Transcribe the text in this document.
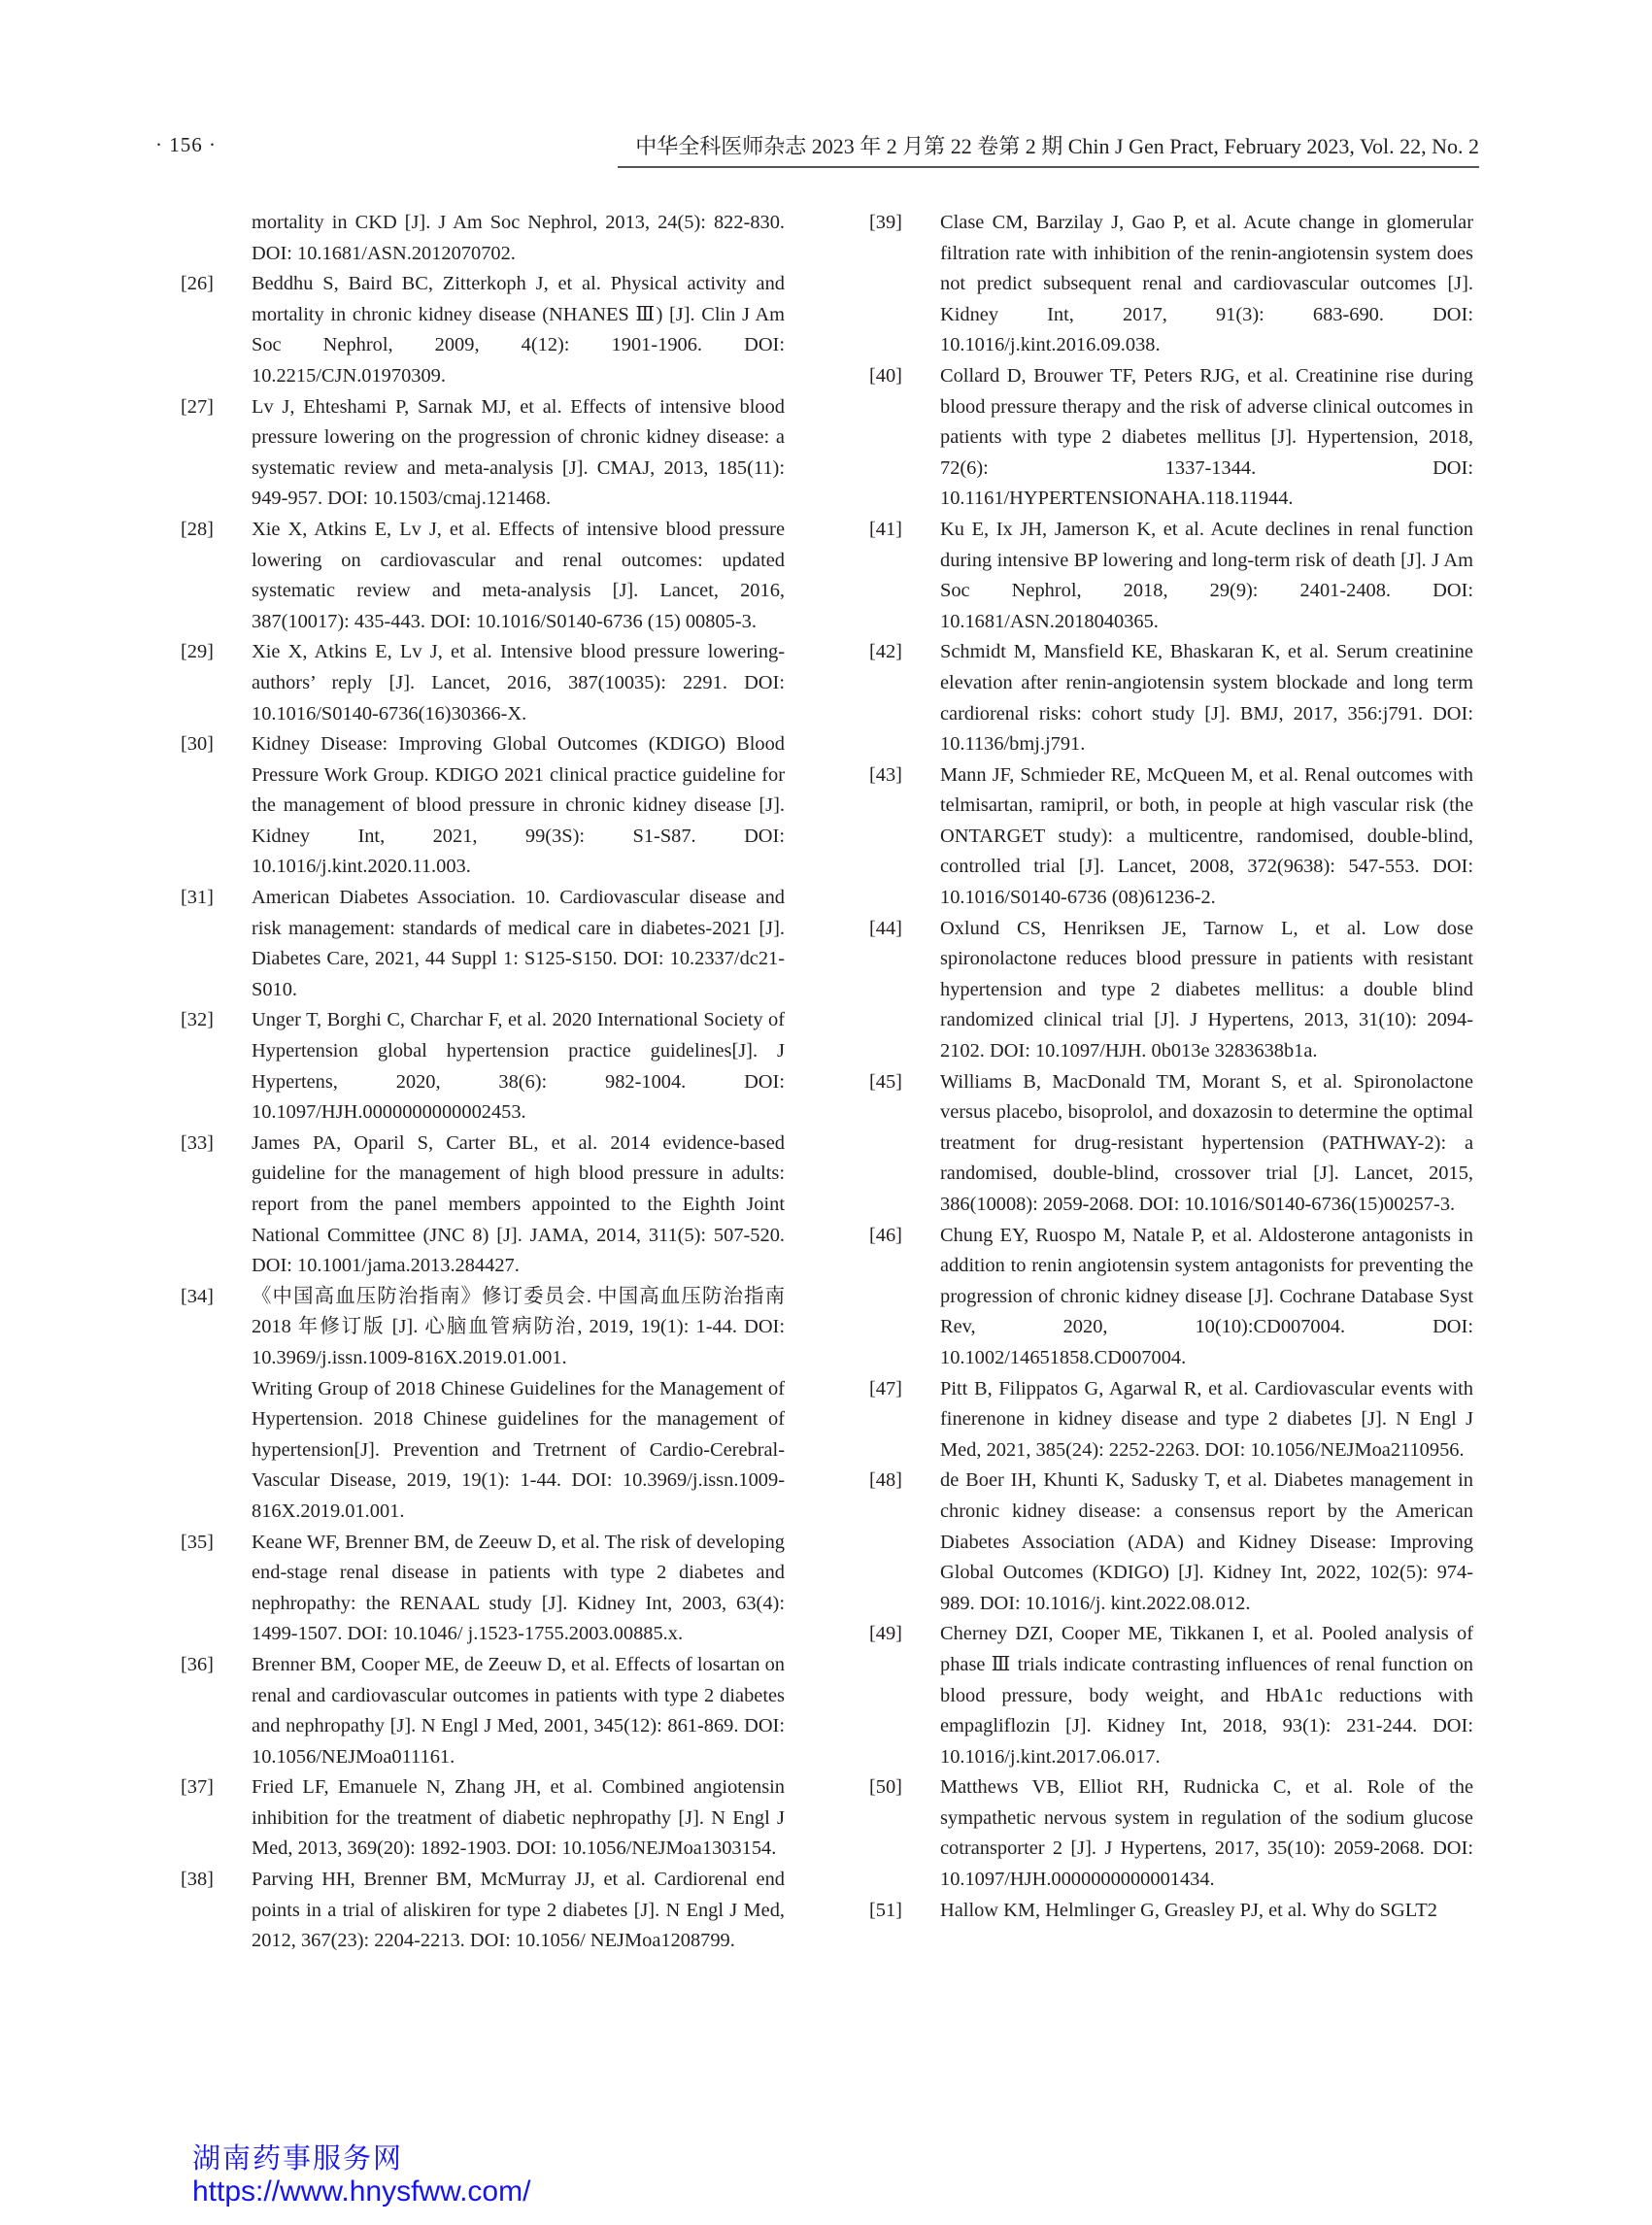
· 156 ·	中华全科医师杂志 2023 年 2 月第 22 卷第 2 期 Chin J Gen Pract, February 2023, Vol. 22, No. 2
mortality in CKD [J]. J Am Soc Nephrol, 2013, 24(5): 822-830. DOI: 10.1681/ASN.2012070702.
[26]	Beddhu S, Baird BC, Zitterkoph J, et al. Physical activity and mortality in chronic kidney disease (NHANES Ⅲ) [J]. Clin J Am Soc Nephrol, 2009, 4(12): 1901-1906. DOI: 10.2215/CJN.01970309.
[27]	Lv J, Ehteshami P, Sarnak MJ, et al. Effects of intensive blood pressure lowering on the progression of chronic kidney disease: a systematic review and meta-analysis [J]. CMAJ, 2013, 185(11): 949-957. DOI: 10.1503/cmaj.121468.
[28]	Xie X, Atkins E, Lv J, et al. Effects of intensive blood pressure lowering on cardiovascular and renal outcomes: updated systematic review and meta-analysis [J]. Lancet, 2016, 387(10017): 435-443. DOI: 10.1016/S0140-6736 (15) 00805-3.
[29]	Xie X, Atkins E, Lv J, et al. Intensive blood pressure lowering-authors’ reply [J]. Lancet, 2016, 387(10035): 2291. DOI: 10.1016/S0140-6736(16)30366-X.
[30]	Kidney Disease: Improving Global Outcomes (KDIGO) Blood Pressure Work Group. KDIGO 2021 clinical practice guideline for the management of blood pressure in chronic kidney disease [J]. Kidney Int, 2021, 99(3S): S1-S87. DOI: 10.1016/j.kint.2020.11.003.
[31]	American Diabetes Association. 10. Cardiovascular disease and risk management: standards of medical care in diabetes-2021 [J]. Diabetes Care, 2021, 44 Suppl 1: S125-S150. DOI: 10.2337/dc21-S010.
[32]	Unger T, Borghi C, Charchar F, et al. 2020 International Society of Hypertension global hypertension practice guidelines[J]. J Hypertens, 2020, 38(6): 982-1004. DOI: 10.1097/HJH.0000000000002453.
[33]	James PA, Oparil S, Carter BL, et al. 2014 evidence-based guideline for the management of high blood pressure in adults: report from the panel members appointed to the Eighth Joint National Committee (JNC 8) [J]. JAMA, 2014, 311(5): 507-520. DOI: 10.1001/jama.2013.284427.
[34]	《中国高血压防治指南》修订委员会. 中国高血压防治指南 2018 年修订版 [J]. 心脑血管病防治, 2019, 19(1): 1-44. DOI: 10.3969/j.issn.1009-816X.2019.01.001.
Writing Group of 2018 Chinese Guidelines for the Management of Hypertension. 2018 Chinese guidelines for the management of hypertension[J]. Prevention and Tretrnent of Cardio-Cerebral-Vascular Disease, 2019, 19(1): 1-44. DOI: 10.3969/j.issn.1009-816X.2019.01.001.
[35]	Keane WF, Brenner BM, de Zeeuw D, et al. The risk of developing end-stage renal disease in patients with type 2 diabetes and nephropathy: the RENAAL study [J]. Kidney Int, 2003, 63(4): 1499-1507. DOI: 10.1046/ j.1523-1755.2003.00885.x.
[36]	Brenner BM, Cooper ME, de Zeeuw D, et al. Effects of losartan on renal and cardiovascular outcomes in patients with type 2 diabetes and nephropathy [J]. N Engl J Med, 2001, 345(12): 861-869. DOI: 10.1056/NEJMoa011161.
[37]	Fried LF, Emanuele N, Zhang JH, et al. Combined angiotensin inhibition for the treatment of diabetic nephropathy [J]. N Engl J Med, 2013, 369(20): 1892-1903. DOI: 10.1056/NEJMoa1303154.
[38]	Parving HH, Brenner BM, McMurray JJ, et al. Cardiorenal end points in a trial of aliskiren for type 2 diabetes [J]. N Engl J Med, 2012, 367(23): 2204-2213. DOI: 10.1056/ NEJMoa1208799.
[39]	Clase CM, Barzilay J, Gao P, et al. Acute change in glomerular filtration rate with inhibition of the renin-angiotensin system does not predict subsequent renal and cardiovascular outcomes [J]. Kidney Int, 2017, 91(3): 683-690. DOI: 10.1016/j.kint.2016.09.038.
[40]	Collard D, Brouwer TF, Peters RJG, et al. Creatinine rise during blood pressure therapy and the risk of adverse clinical outcomes in patients with type 2 diabetes mellitus [J]. Hypertension, 2018, 72(6): 1337-1344. DOI: 10.1161/HYPERTENSIONAHA.118.11944.
[41]	Ku E, Ix JH, Jamerson K, et al. Acute declines in renal function during intensive BP lowering and long-term risk of death [J]. J Am Soc Nephrol, 2018, 29(9): 2401-2408. DOI: 10.1681/ASN.2018040365.
[42]	Schmidt M, Mansfield KE, Bhaskaran K, et al. Serum creatinine elevation after renin-angiotensin system blockade and long term cardiorenal risks: cohort study [J]. BMJ, 2017, 356:j791. DOI: 10.1136/bmj.j791.
[43]	Mann JF, Schmieder RE, McQueen M, et al. Renal outcomes with telmisartan, ramipril, or both, in people at high vascular risk (the ONTARGET study): a multicentre, randomised, double-blind, controlled trial [J]. Lancet, 2008, 372(9638): 547-553. DOI: 10.1016/S0140-6736 (08)61236-2.
[44]	Oxlund CS, Henriksen JE, Tarnow L, et al. Low dose spironolactone reduces blood pressure in patients with resistant hypertension and type 2 diabetes mellitus: a double blind randomized clinical trial [J]. J Hypertens, 2013, 31(10): 2094-2102. DOI: 10.1097/HJH. 0b013e 3283638b1a.
[45]	Williams B, MacDonald TM, Morant S, et al. Spironolactone versus placebo, bisoprolol, and doxazosin to determine the optimal treatment for drug-resistant hypertension (PATHWAY-2): a randomised, double-blind, crossover trial [J]. Lancet, 2015, 386(10008): 2059-2068. DOI: 10.1016/S0140-6736(15)00257-3.
[46]	Chung EY, Ruospo M, Natale P, et al. Aldosterone antagonists in addition to renin angiotensin system antagonists for preventing the progression of chronic kidney disease [J]. Cochrane Database Syst Rev, 2020, 10(10):CD007004. DOI: 10.1002/14651858.CD007004.
[47]	Pitt B, Filippatos G, Agarwal R, et al. Cardiovascular events with finerenone in kidney disease and type 2 diabetes [J]. N Engl J Med, 2021, 385(24): 2252-2263. DOI: 10.1056/NEJMoa2110956.
[48]	de Boer IH, Khunti K, Sadusky T, et al. Diabetes management in chronic kidney disease: a consensus report by the American Diabetes Association (ADA) and Kidney Disease: Improving Global Outcomes (KDIGO) [J]. Kidney Int, 2022, 102(5): 974-989. DOI: 10.1016/j. kint.2022.08.012.
[49]	Cherney DZI, Cooper ME, Tikkanen I, et al. Pooled analysis of phase Ⅲ trials indicate contrasting influences of renal function on blood pressure, body weight, and HbA1c reductions with empagliflozin [J]. Kidney Int, 2018, 93(1): 231-244. DOI: 10.1016/j.kint.2017.06.017.
[50]	Matthews VB, Elliot RH, Rudnicka C, et al. Role of the sympathetic nervous system in regulation of the sodium glucose cotransporter 2 [J]. J Hypertens, 2017, 35(10): 2059-2068. DOI: 10.1097/HJH.0000000000001434.
[51]	Hallow KM, Helmlinger G, Greasley PJ, et al. Why do SGLT2
湖南药事服务网
https://www.hnysfww.com/
